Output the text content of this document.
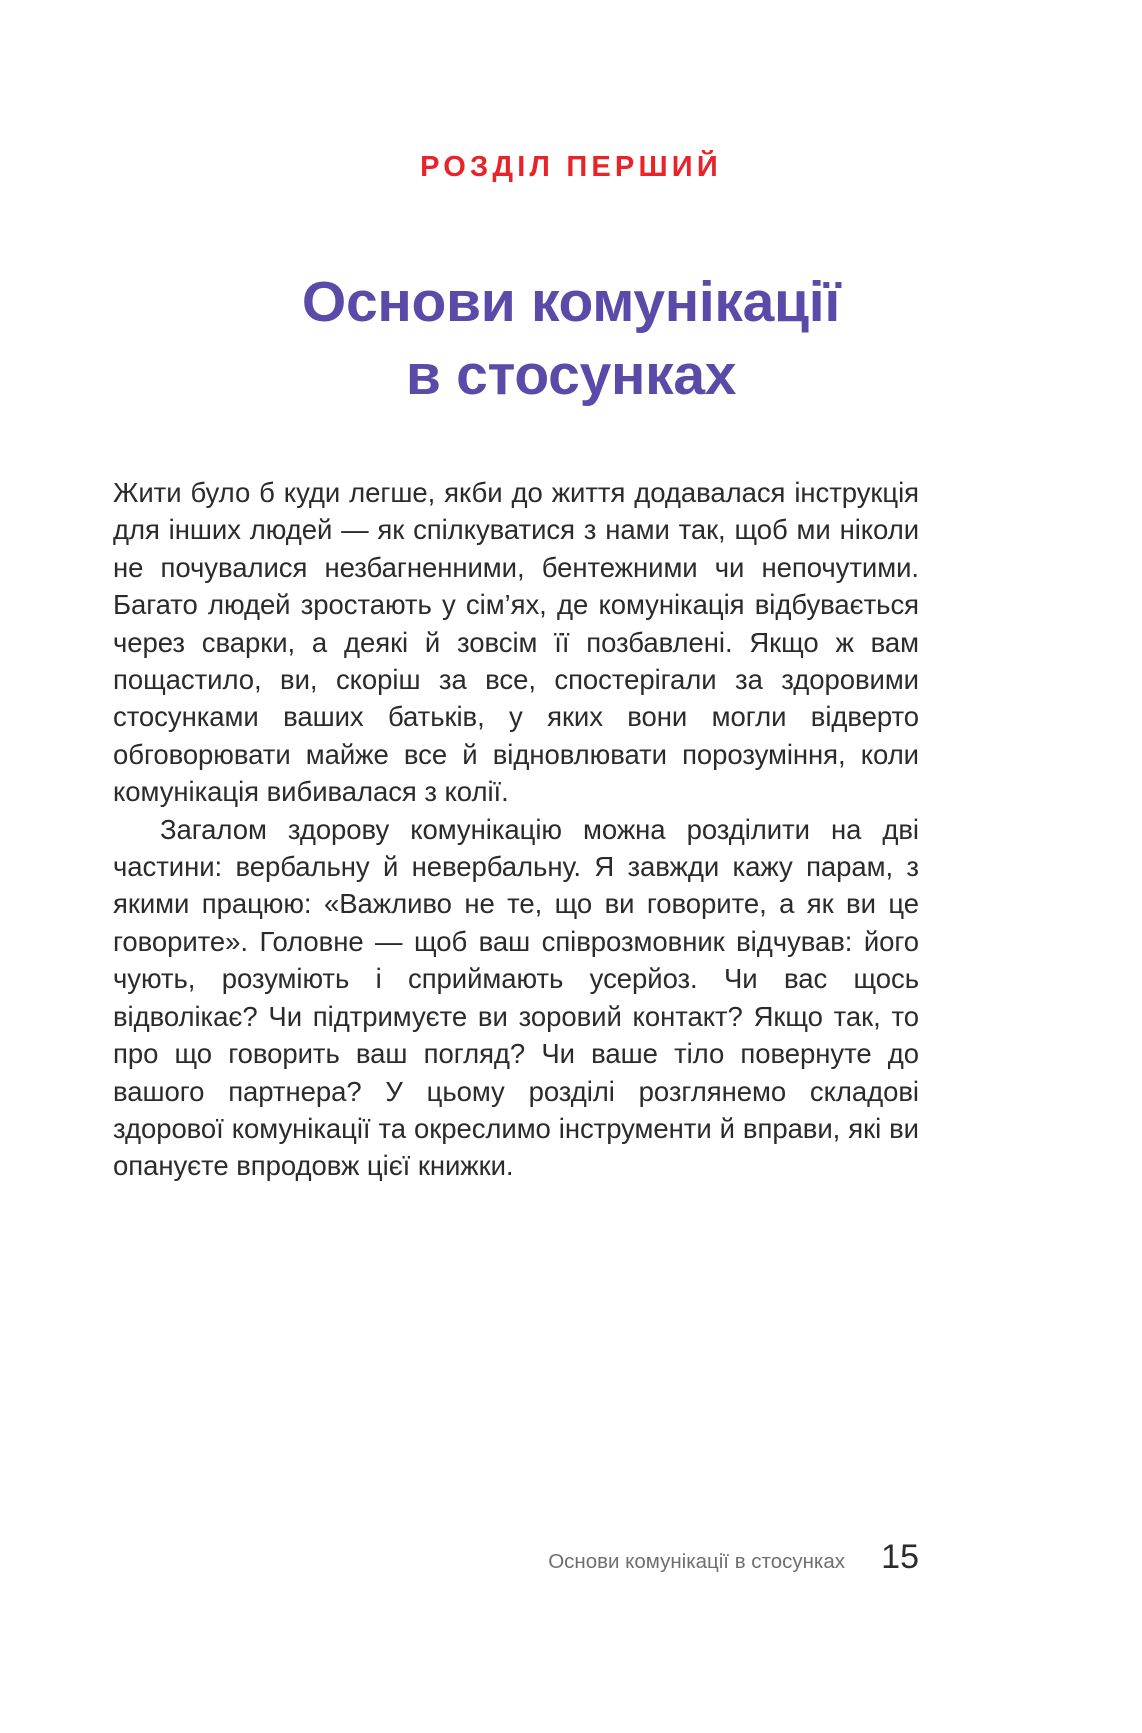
РОЗДІЛ ПЕРШИЙ
Основи комунікації
в стосунках

Жити було б куди легше, якби до життя додавалася інструкція для інших людей — як спілкуватися з нами так, щоб ми ніколи не почувалися незбагненними, бентежними чи непочутими. Багато людей зростають у сім’ях, де комунікація відбувається через сварки, а деякі й зовсім її позбавлені. Якщо ж вам пощастило, ви, скоріш за все, спостерігали за здоровими стосунками ваших батьків, у яких вони могли відверто обговорювати майже все й відновлювати порозуміння, коли комунікація вибивалася з колії.

Загалом здорову комунікацію можна розділити на дві частини: вербальну й невербальну. Я завжди кажу парам, з якими працюю: «Важливо не те, що ви говорите, а як ви це говорите». Головне — щоб ваш співрозмовник відчував: його чують, розуміють і сприймають усерйоз. Чи вас щось відволікає? Чи підтримуєте ви зоровий контакт? Якщо так, то про що говорить ваш погляд? Чи ваше тіло повернуте до вашого партнера? У цьому розділі розглянемо складові здорової комунікації та окреслимо інструменти й вправи, які ви опануєте впродовж цієї книжки.

Основи комунікації в стосунках 15
